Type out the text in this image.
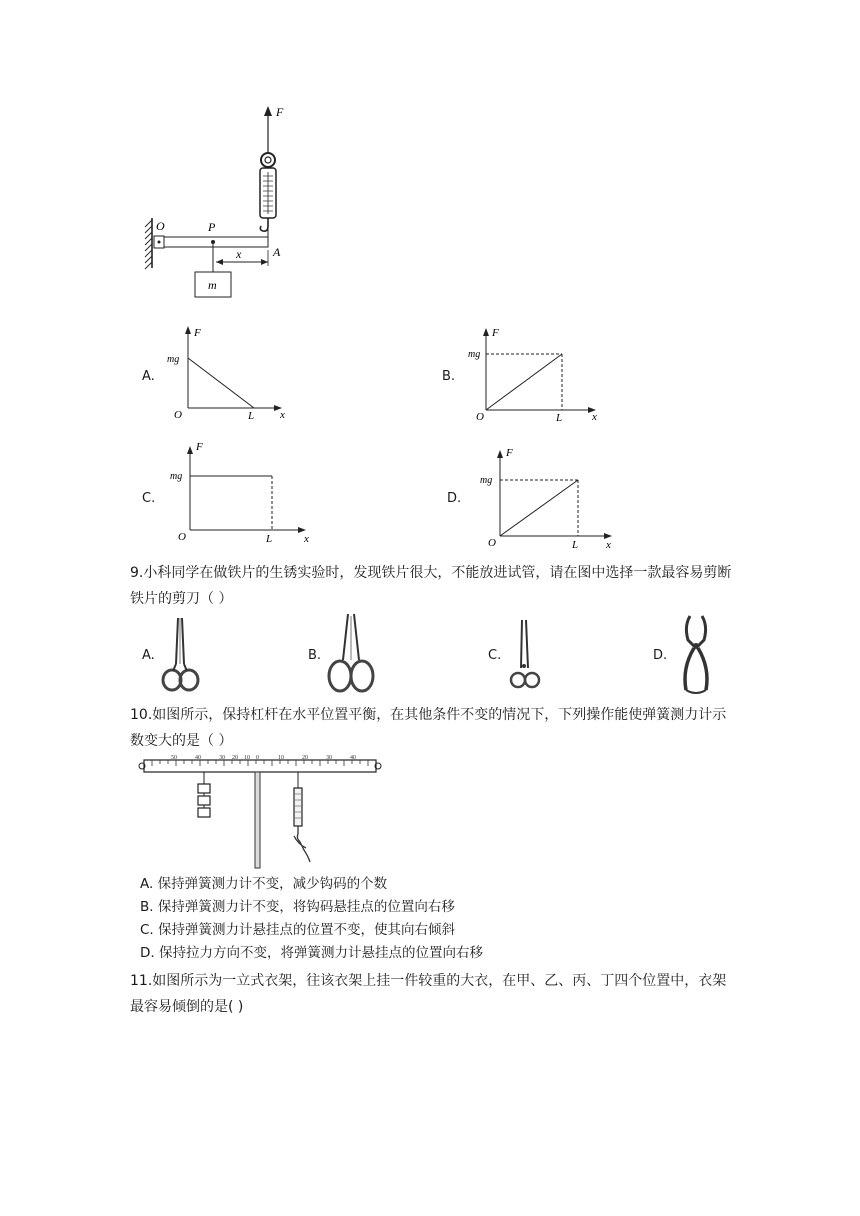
F
O	P
A
m
x
A.
F
mg
O	L x
B.
F
mg
O	L	x
C.
F
mg
O	L	x
D.
F
mg
O	L	x
9.小科同学在做铁片的生锈实验时，发现铁片很大，不能放进试管，请在图中选择一款最容易剪断铁片的剪刀（ ）
A.	B.	C.	D.
10.如图所示，保持杠杆在水平位置平衡，在其他条件不变的情况下，下列操作能使弹簧测力计示数变大的是（ ）
50	40	30 20 10 0	10	20	30	40
A. 保持弹簧测力计不变，减少钩码的个数
B. 保持弹簧测力计不变，将钩码悬挂点的位置向右移
C. 保持弹簧测力计悬挂点的位置不变，使其向右倾斜
D. 保持拉力方向不变，将弹簧测力计悬挂点的位置向右移
11.如图所示为一立式衣架，往该衣架上挂一件较重的大衣，在甲、乙、丙、丁四个位置中，衣架最容易倾倒的是( )
